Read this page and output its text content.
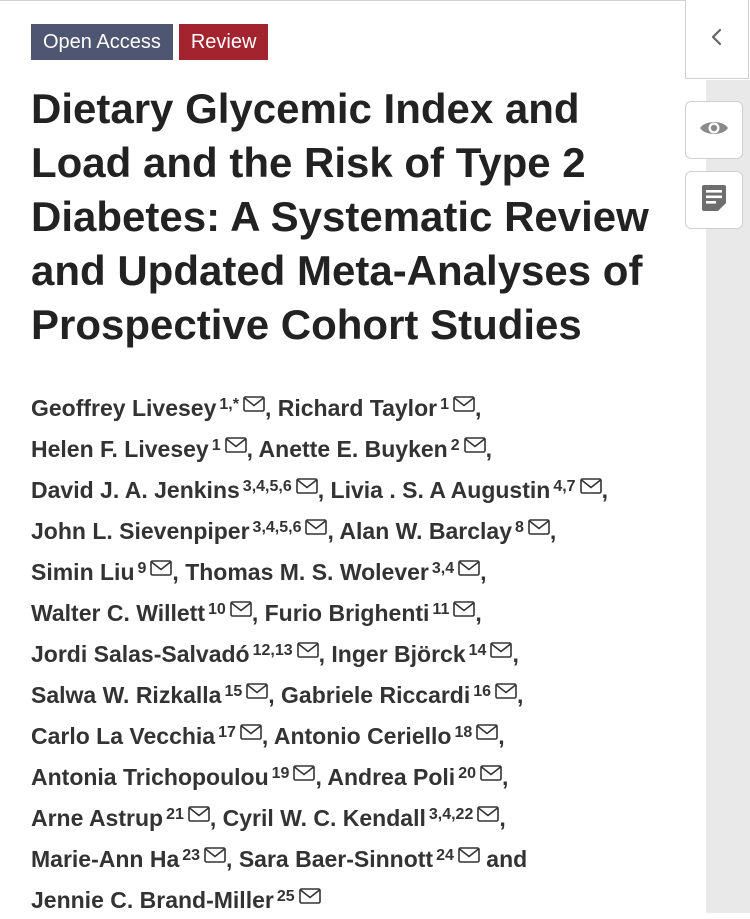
Open Access	Review
Dietary Glycemic Index and
Load and the Risk of Type 2
Diabetes: A Systematic Review
and Updated Meta-Analyses of
Prospective Cohort Studies
Geoffrey Livesey $^{1,*}$ , Richard Taylor $^1$ ,
Helen F. Livesey $^1$ , Anette E. Buyken $^2$ ,
David J. A. Jenkins $^{3,4,5,6}$ , Livia . S. A Augustin $^{4,7}$ ,
John L. Sievenpiper $^{3,4,5,6}$ , Alan W. Barclay $^8$ ,
Simin Liu $^9$ , Thomas M. S. Wolever $^{3,4}$ ,
Walter C. Willett $^{10}$ , Furio Brighenti $^{11}$ ,
Jordi Salas-Salvadó $^{12,13}$ , Inger Björck $^{14}$ ,
Salwa W. Rizkalla $^{15}$ , Gabriele Riccardi $^{16}$ ,
Carlo La Vecchia $^{17}$ , Antonio Ceriello $^{18}$ ,
Antonia Trichopoulou $^{19}$ , Andrea Poli $^{20}$ ,
Arne Astrup $^{21}$ , Cyril W. C. Kendall $^{3,4,22}$ ,
Marie-Ann Ha $^{23}$ , Sara Baer-Sinnott $^{24}$
and
Jennie C. Brand-Miller $^{25}$
